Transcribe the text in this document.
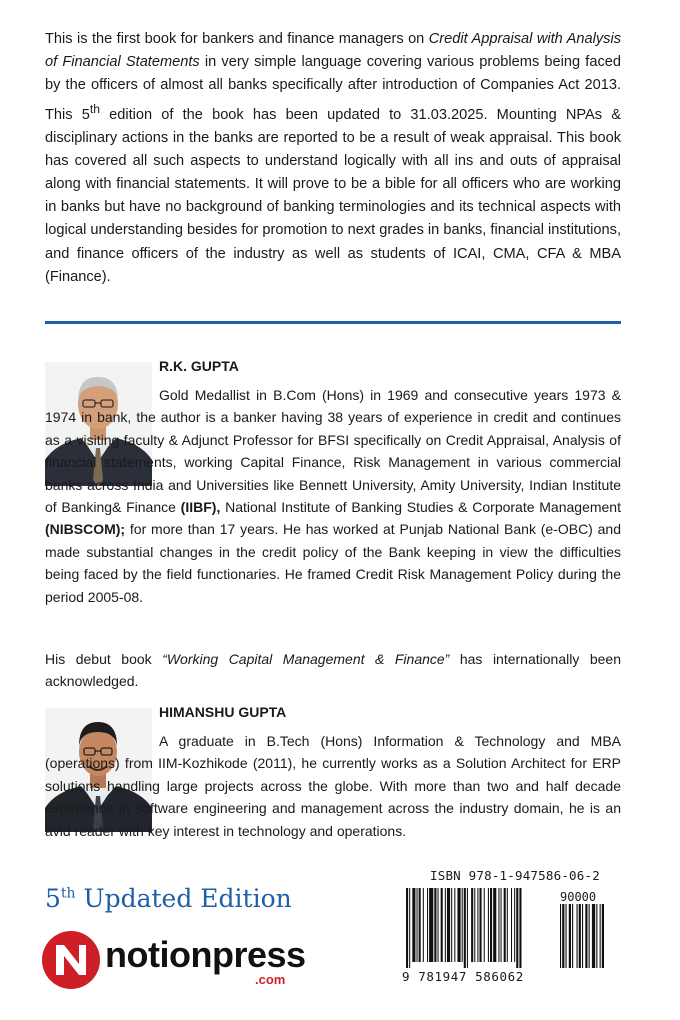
This is the first book for bankers and finance managers on Credit Appraisal with Analysis of Financial Statements in very simple language covering various problems being faced by the officers of almost all banks specifically after introduction of Companies Act 2013. This 5th edition of the book has been updated to 31.03.2025. Mounting NPAs & disciplinary actions in the banks are reported to be a result of weak appraisal. This book has covered all such aspects to understand logically with all ins and outs of appraisal along with financial statements. It will prove to be a bible for all officers who are working in banks but have no background of banking terminologies and its technical aspects with logical understanding besides for promotion to next grades in banks, financial institutions, and finance officers of the industry as well as students of ICAI, CMA, CFA & MBA (Finance).

R.K. GUPTA

Gold Medallist in B.Com (Hons) in 1969 and consecutive years 1973 & 1974 in bank, the author is a banker having 38 years of experience in credit and continues as a visiting faculty & Adjunct Professor for BFSI specifically on Credit Appraisal, Analysis of financial statements, working Capital Finance, Risk Management in various commercial banks across India and Universities like Bennett University, Amity University, Indian Institute of Banking& Finance (IIBF), National Institute of Banking Studies & Corporate Management (NIBSCOM); for more than 17 years. He has worked at Punjab National Bank (e-OBC) and made substantial changes in the credit policy of the Bank keeping in view the difficulties being faced by the field functionaries. He framed Credit Risk Management Policy during the period 2005-08.

His debut book “Working Capital Management & Finance” has internationally been acknowledged.

HIMANSHU GUPTA

A graduate in B.Tech (Hons) Information & Technology and MBA (operations) from IIM-Kozhikode (2011), he currently works as a Solution Architect for ERP solutions handling large projects across the globe. With more than two and half decade experience in software engineering and management across the industry domain, he is an avid reader with key interest in technology and operations.

5th Updated Edition
notionpress
.com
ISBN 978-1-947586-06-2
90000
9 781947 586062
